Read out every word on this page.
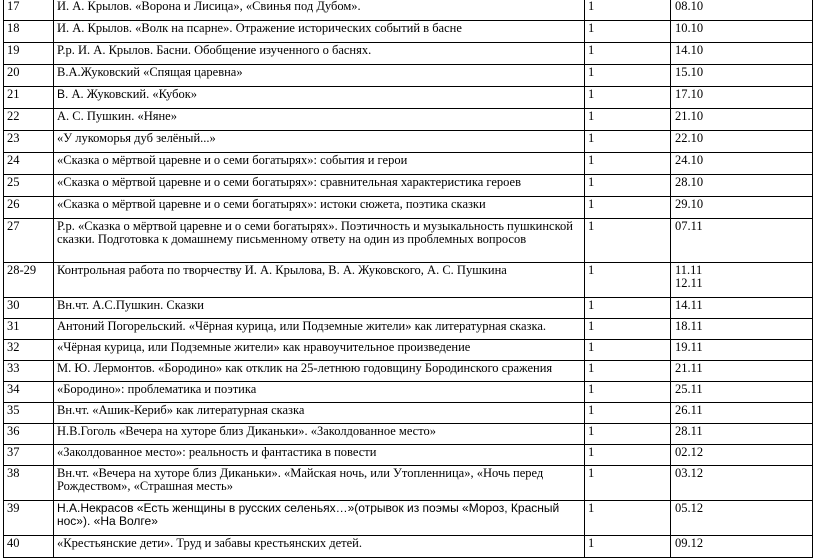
17	И. А. Крылов. «Ворона и Лисица», «Свинья под Дубом».	1	08.10
18	И. А. Крылов. «Волк на псарне». Отражение исторических событий в басне	1	10.10
19	Р.р. И. А. Крылов. Басни. Обобщение изученного о баснях.	1	14.10
20	В.А.Жуковский «Спящая царевна»	1	15.10
21	В. А. Жуковский. «Кубок»	1	17.10
22	А. С. Пушкин. «Няне»	1	21.10
23	«У лукоморья дуб зелёный...»	1	22.10
24	«Сказка о мёртвой царевне и о семи богатырях»: события и герои	1	24.10
25	«Сказка о мёртвой царевне и о семи богатырях»: сравнительная характеристика героев	1	28.10
26	«Сказка о мёртвой царевне и о семи богатырях»: истоки сюжета, поэтика сказки	1	29.10
27	Р.р. «Сказка о мёртвой царевне и о семи богатырях». Поэтичность и музыкальность пушкинской сказки. Подготовка к домашнему письменному ответу на один из проблемных вопросов	1	07.11
28-29	Контрольная работа по творчеству И. А. Крылова, В. А. Жуковского, А. С. Пушкина	1	11.11
12.11

30	Вн.чт. А.С.Пушкин. Сказки	1	14.11
31	Антоний Погорельский. «Чёрная курица, или Подземные жители» как литературная сказка.	1	18.11
32	«Чёрная курица, или Подземные жители» как нравоучительное произведение	1	19.11
33	М. Ю. Лермонтов. «Бородино» как отклик на 25-летнюю годовщину Бородинского сражения	1	21.11
34	«Бородино»: проблематика и поэтика	1	25.11
35	Вн.чт. «Ашик-Кериб» как литературная сказка	1	26.11
36	Н.В.Гоголь «Вечера на хуторе близ Диканьки». «Заколдованное место»	1	28.11
37	«Заколдованное место»: реальность и фантастика в повести	1	02.12
38	Вн.чт. «Вечера на хуторе близ Диканьки». «Майская ночь, или Утопленница», «Ночь перед Рождеством», «Страшная месть»	1	03.12
39	Н.А.Некрасов «Есть женщины в русских селеньях…»(отрывок из поэмы «Мороз, Красный нос»). «На Волге»	1	05.12
40	«Крестьянские дети». Труд и забавы крестьянских детей.	1	09.12
